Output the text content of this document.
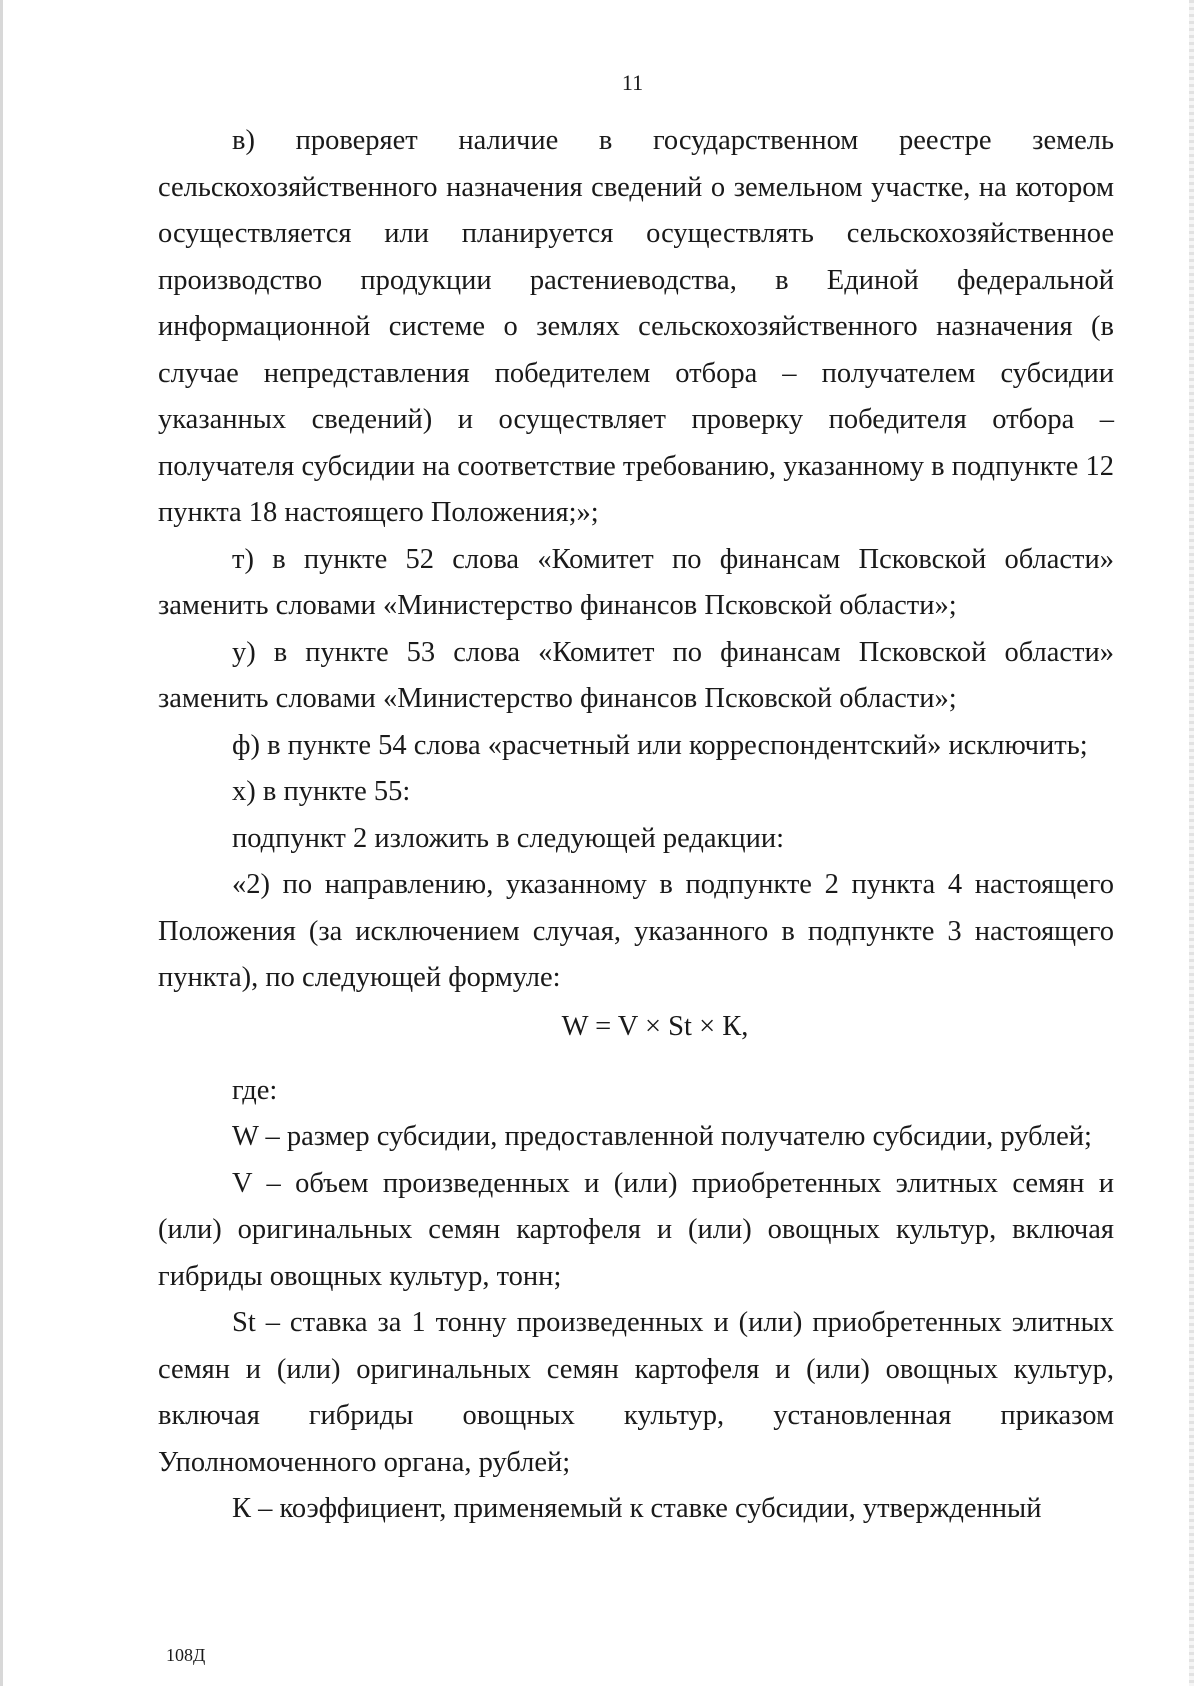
11

в) проверяет наличие в государственном реестре земель сельскохозяйственного назначения сведений о земельном участке, на котором осуществляется или планируется осуществлять сельскохозяйственное производство продукции растениеводства, в Единой федеральной информационной системе о землях сельскохозяйственного назначения (в случае непредставления победителем отбора – получателем субсидии указанных сведений) и осуществляет проверку победителя отбора – получателя субсидии на соответствие требованию, указанному в подпункте 12 пункта 18 настоящего Положения;»;

т) в пункте 52 слова «Комитет по финансам Псковской области» заменить словами «Министерство финансов Псковской области»;

у) в пункте 53 слова «Комитет по финансам Псковской области» заменить словами «Министерство финансов Псковской области»;

ф) в пункте 54 слова «расчетный или корреспондентский» исключить;

х) в пункте 55:

подпункт 2 изложить в следующей редакции:

«2) по направлению, указанному в подпункте 2 пункта 4 настоящего Положения (за исключением случая, указанного в подпункте 3 настоящего пункта), по следующей формуле:

W = V × St × К,

где:

W – размер субсидии, предоставленной получателю субсидии, рублей;

V – объем произведенных и (или) приобретенных элитных семян и (или) оригинальных семян картофеля и (или) овощных культур, включая гибриды овощных культур, тонн;

St – ставка за 1 тонну произведенных и (или) приобретенных элитных семян и (или) оригинальных семян картофеля и (или) овощных культур, включая гибриды овощных культур, установленная приказом Уполномоченного органа, рублей;

К – коэффициент, применяемый к ставке субсидии, утвержденный

108Д
